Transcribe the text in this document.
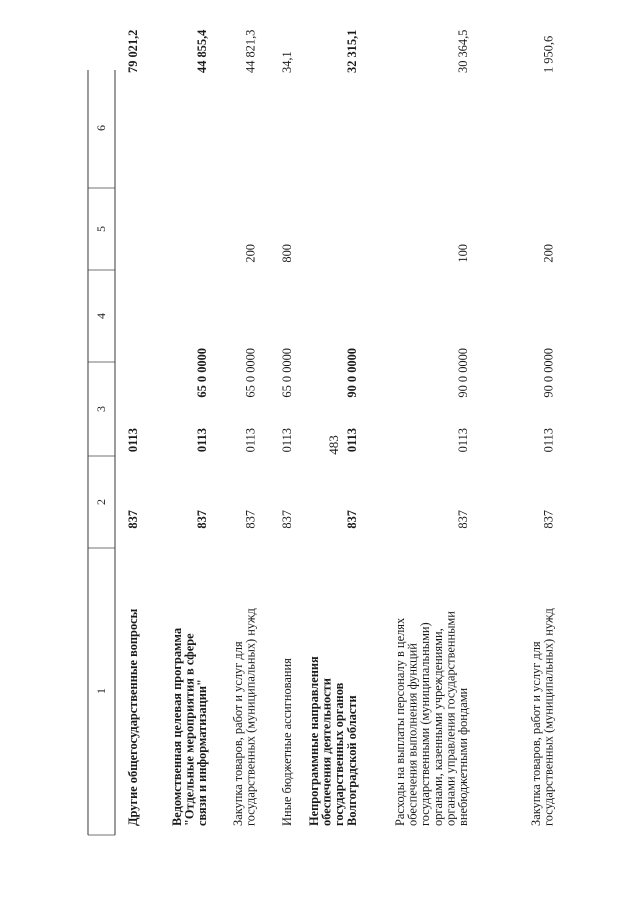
483
1
2
3
4
5
6
Другие общегосударственные вопросы
837
0113
79 021,2
Ведомственная целевая программа
"Отдельные мероприятия в сфере
связи и информатизации"
837
0113
65 0 0000
44 855,4
Закупка товаров, работ и услуг для
государственных (муниципальных) нужд
837
0113
65 0 0000
200
44 821,3
Иные бюджетные ассигнования
837
0113
65 0 0000
800
34,1
Непрограммные направления
обеспечения деятельности
государственных органов
Волгоградской области
837
0113
90 0 0000
32 315,1
Расходы на выплаты персоналу в целях
обеспечения выполнения функций
государственными (муниципальными)
органами, казенными учреждениями,
органами управления государственными
внебюджетными фондами
837
0113
90 0 0000
100
30 364,5
Закупка товаров, работ и услуг для
государственных (муниципальных) нужд
837
0113
90 0 0000
200
1 950,6
